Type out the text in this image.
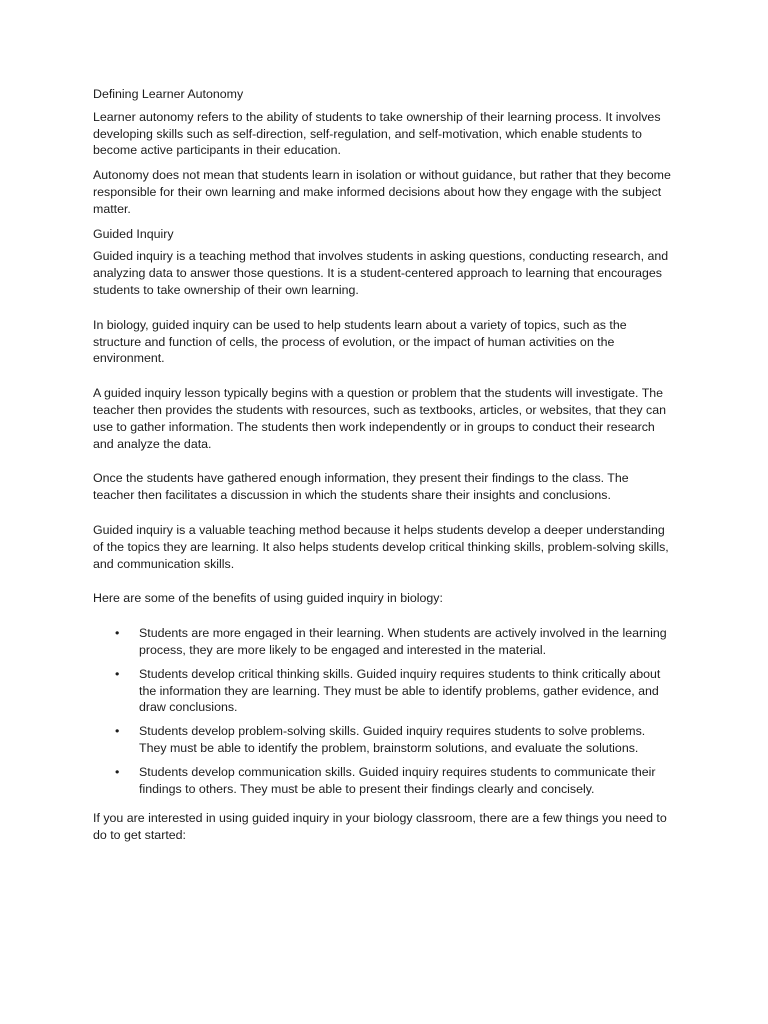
Defining Learner Autonomy

Learner autonomy refers to the ability of students to take ownership of their learning process. It involves developing skills such as self-direction, self-regulation, and self-motivation, which enable students to become active participants in their education.

Autonomy does not mean that students learn in isolation or without guidance, but rather that they become responsible for their own learning and make informed decisions about how they engage with the subject matter.

Guided Inquiry

Guided inquiry is a teaching method that involves students in asking questions, conducting research, and analyzing data to answer those questions. It is a student-centered approach to learning that encourages students to take ownership of their own learning.

In biology, guided inquiry can be used to help students learn about a variety of topics, such as the structure and function of cells, the process of evolution, or the impact of human activities on the environment.

A guided inquiry lesson typically begins with a question or problem that the students will investigate. The teacher then provides the students with resources, such as textbooks, articles, or websites, that they can use to gather information. The students then work independently or in groups to conduct their research and analyze the data.

Once the students have gathered enough information, they present their findings to the class. The teacher then facilitates a discussion in which the students share their insights and conclusions.

Guided inquiry is a valuable teaching method because it helps students develop a deeper understanding of the topics they are learning. It also helps students develop critical thinking skills, problem-solving skills, and communication skills.

Here are some of the benefits of using guided inquiry in biology:

• Students are more engaged in their learning. When students are actively involved in the learning process, they are more likely to be engaged and interested in the material.
• Students develop critical thinking skills. Guided inquiry requires students to think critically about the information they are learning. They must be able to identify problems, gather evidence, and draw conclusions.
• Students develop problem-solving skills. Guided inquiry requires students to solve problems. They must be able to identify the problem, brainstorm solutions, and evaluate the solutions.
• Students develop communication skills. Guided inquiry requires students to communicate their findings to others. They must be able to present their findings clearly and concisely.

If you are interested in using guided inquiry in your biology classroom, there are a few things you need to do to get started:
